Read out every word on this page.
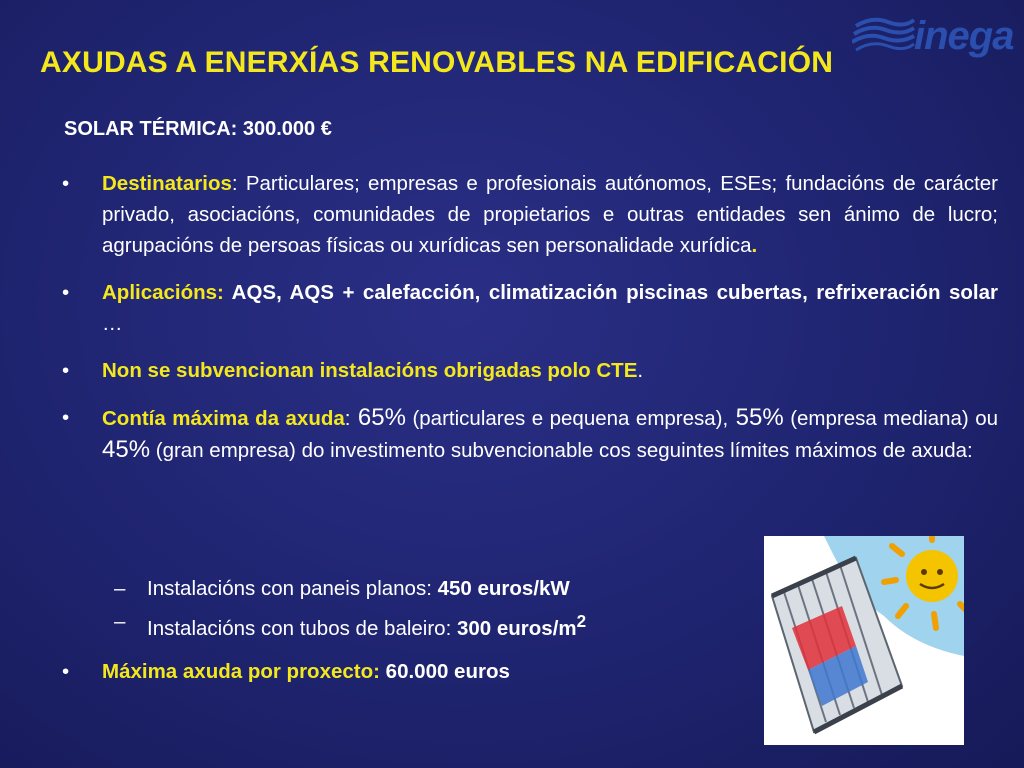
inega
AXUDAS A ENERXÍAS RENOVABLES NA EDIFICACIÓN
SOLAR TÉRMICA: 300.000 €
•	Destinatarios: Particulares; empresas e profesionais autónomos, ESEs; fundacións de carácter privado, asociacións, comunidades de propietarios e outras entidades sen ánimo de lucro; agrupacións de persoas físicas ou xurídicas sen personalidade xurídica.
•	Aplicacións: AQS, AQS + calefacción, climatización piscinas cubertas, refrixeración solar …
•	Non se subvencionan instalacións obrigadas polo CTE.
•	Contía máxima da axuda: 65% (particulares e pequena empresa), 55% (empresa mediana) ou 45% (gran empresa) do investimento subvencionable cos seguintes límites máximos de axuda:
– Instalacións con paneis planos: 450 euros/kW
– Instalacións con tubos de baleiro: 300 euros/$m^2$
•	Máxima axuda por proxecto: 60.000 euros
